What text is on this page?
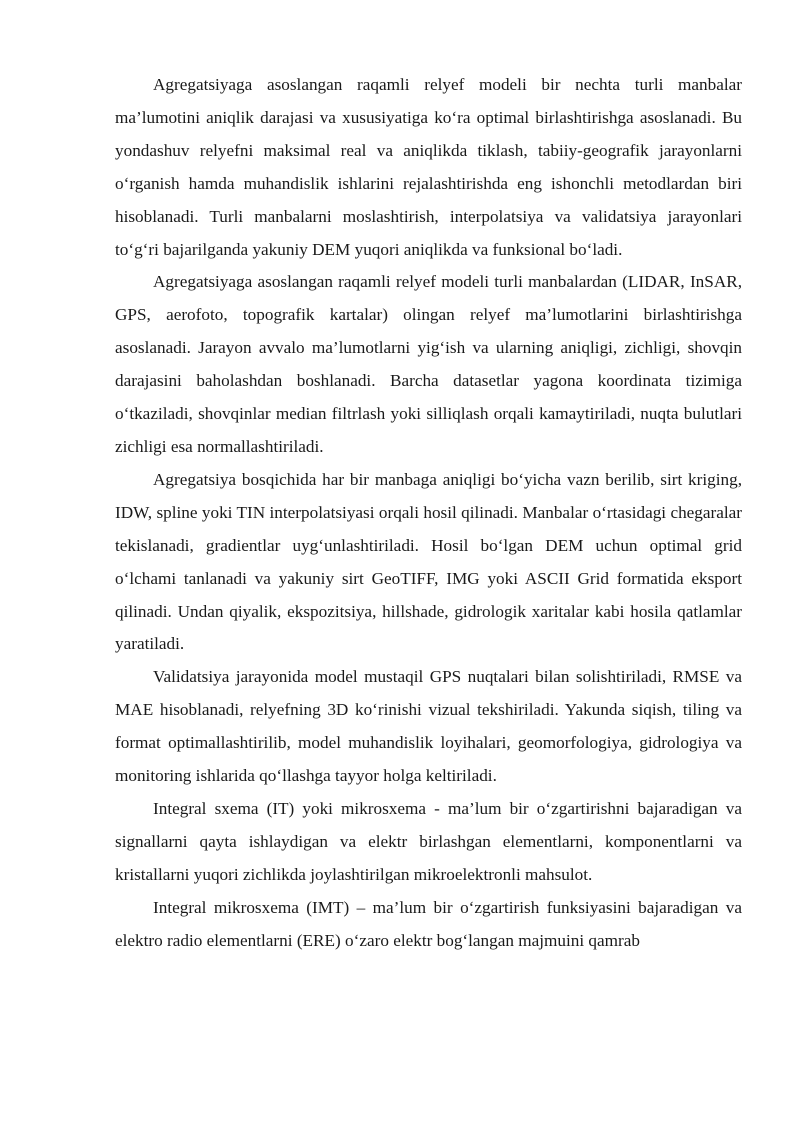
Agregatsiyaga asoslangan raqamli relyef modeli bir nechta turli manbalar ma’lumotini aniqlik darajasi va xususiyatiga ko‘ra optimal birlashtirishga asoslanadi. Bu yondashuv relyefni maksimal real va aniqlikda tiklash, tabiiy-geografik jarayonlarni o‘rganish hamda muhandislik ishlarini rejalashtirishda eng ishonchli metodlardan biri hisoblanadi. Turli manbalarni moslashtirish, interpolatsiya va validatsiya jarayonlari to‘g‘ri bajarilganda yakuniy DEM yuqori aniqlikda va funksional bo‘ladi.

Agregatsiyaga asoslangan raqamli relyef modeli turli manbalardan (LIDAR, InSAR, GPS, aerofoto, topografik kartalar) olingan relyef ma’lumotlarini birlashtirishga asoslanadi. Jarayon avvalo ma’lumotlarni yig‘ish va ularning aniqligi, zichligi, shovqin darajasini baholashdan boshlanadi. Barcha datasetlar yagona koordinata tizimiga o‘tkaziladi, shovqinlar median filtrlash yoki silliqlash orqali kamaytiriladi, nuqta bulutlari zichligi esa normallashtiriladi.

Agregatsiya bosqichida har bir manbaga aniqligi bo‘yicha vazn berilib, sirt kriging, IDW, spline yoki TIN interpolatsiyasi orqali hosil qilinadi. Manbalar o‘rtasidagi chegaralar tekislanadi, gradientlar uyg‘unlashtiriladi. Hosil bo‘lgan DEM uchun optimal grid o‘lchami tanlanadi va yakuniy sirt GeoTIFF, IMG yoki ASCII Grid formatida eksport qilinadi. Undan qiyalik, ekspozitsiya, hillshade, gidrologik xaritalar kabi hosila qatlamlar yaratiladi.

Validatsiya jarayonida model mustaqil GPS nuqtalari bilan solishtiriladi, RMSE va MAE hisoblanadi, relyefning 3D ko‘rinishi vizual tekshiriladi. Yakunda siqish, tiling va format optimallashtirilib, model muhandislik loyihalari, geomorfologiya, gidrologiya va monitoring ishlarida qo‘llashga tayyor holga keltiriladi.

Integral sxema (IT) yoki mikrosxema - ma’lum bir o‘zgartirishni bajaradigan va signallarni qayta ishlaydigan va elektr birlashgan elementlarni, komponentlarni va kristallarni yuqori zichlikda joylashtirilgan mikroelektronli mahsulot.

Integral mikrosxema (IMT) – ma’lum bir o‘zgartirish funksiyasini bajaradigan va elektro radio elementlarni (ERE) o‘zaro elektr bog‘langan majmuini qamrab
